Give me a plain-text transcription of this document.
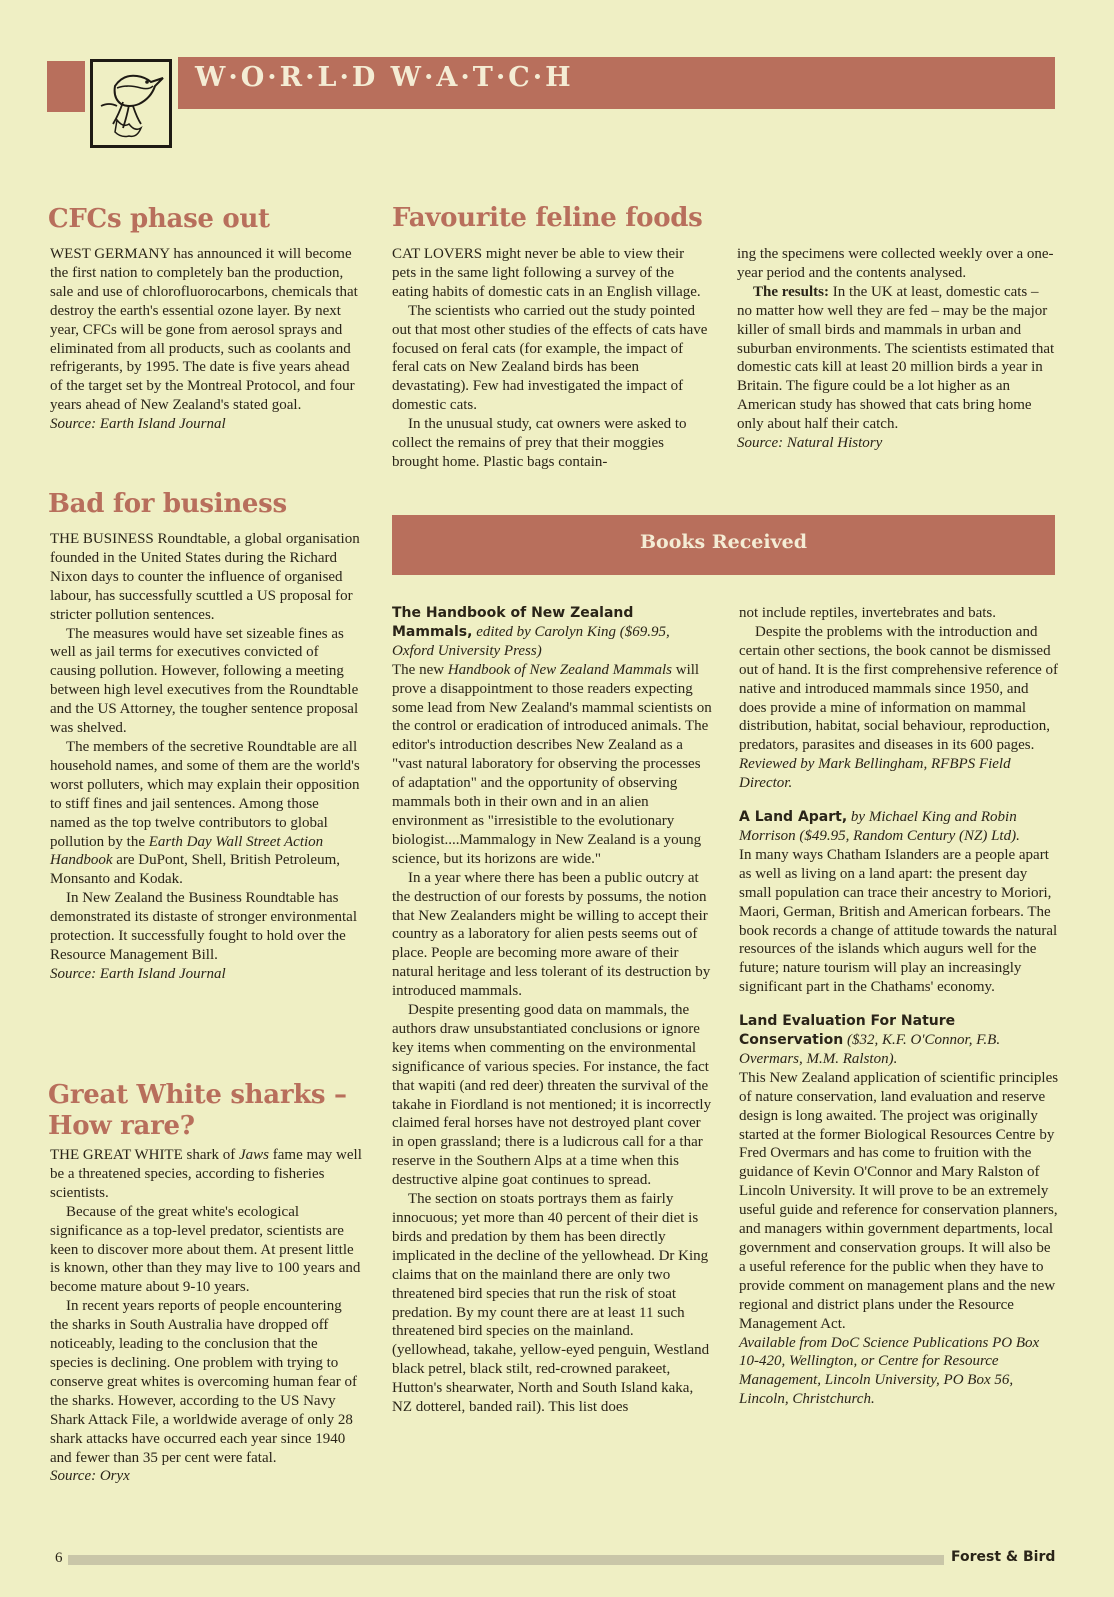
W·O·R·L·D W·A·T·C·H
CFCs phase out

WEST GERMANY has announced it will become the first nation to completely ban the production, sale and use of chlorofluorocarbons, chemicals that destroy the earth's essential ozone layer. By next year, CFCs will be gone from aerosol sprays and eliminated from all products, such as coolants and refrigerants, by 1995. The date is five years ahead of the target set by the Montreal Protocol, and four years ahead of New Zealand's stated goal.

Source: Earth Island Journal

Bad for business

THE BUSINESS Roundtable, a global organisation founded in the United States during the Richard Nixon days to counter the influence of organised labour, has successfully scuttled a US proposal for stricter pollution sentences.

The measures would have set sizeable fines as well as jail terms for executives convicted of causing pollution. However, following a meeting between high level executives from the Roundtable and the US Attorney, the tougher sentence proposal was shelved.

The members of the secretive Roundtable are all household names, and some of them are the world's worst polluters, which may explain their opposition to stiff fines and jail sentences. Among those named as the top twelve contributors to global pollution by the Earth Day Wall Street Action Handbook are DuPont, Shell, British Petroleum, Monsanto and Kodak.

In New Zealand the Business Roundtable has demonstrated its distaste of stronger environmental protection. It successfully fought to hold over the Resource Management Bill.

Source: Earth Island Journal

Great White sharks –
How rare?

THE GREAT WHITE shark of Jaws fame may well be a threatened species, according to fisheries scientists.

Because of the great white's ecological significance as a top-level predator, scientists are keen to discover more about them. At present little is known, other than they may live to 100 years and become mature about 9-10 years.

In recent years reports of people encountering the sharks in South Australia have dropped off noticeably, leading to the conclusion that the species is declining. One problem with trying to conserve great whites is overcoming human fear of the sharks. However, according to the US Navy Shark Attack File, a worldwide average of only 28 shark attacks have occurred each year since 1940 and fewer than 35 per cent were fatal.

Source: Oryx

Favourite feline foods

CAT LOVERS might never be able to view their pets in the same light following a survey of the eating habits of domestic cats in an English village.

The scientists who carried out the study pointed out that most other studies of the effects of cats have focused on feral cats (for example, the impact of feral cats on New Zealand birds has been devastating). Few had investigated the impact of domestic cats.

In the unusual study, cat owners were asked to collect the remains of prey that their moggies brought home. Plastic bags contain-

ing the specimens were collected weekly over a one-year period and the contents analysed.

The results: In the UK at least, domestic cats – no matter how well they are fed – may be the major killer of small birds and mammals in urban and suburban environments. The scientists estimated that domestic cats kill at least 20 million birds a year in Britain. The figure could be a lot higher as an American study has showed that cats bring home only about half their catch.

Source: Natural History

Books Received

The Handbook of New Zealand Mammals, edited by Carolyn King ($69.95, Oxford University Press)

The new Handbook of New Zealand Mammals will prove a disappointment to those readers expecting some lead from New Zealand's mammal scientists on the control or eradication of introduced animals. The editor's introduction describes New Zealand as a "vast natural laboratory for observing the processes of adaptation" and the opportunity of observing mammals both in their own and in an alien environment as "irresistible to the evolutionary biologist....Mammalogy in New Zealand is a young science, but its horizons are wide."

In a year where there has been a public outcry at the destruction of our forests by possums, the notion that New Zealanders might be willing to accept their country as a laboratory for alien pests seems out of place. People are becoming more aware of their natural heritage and less tolerant of its destruction by introduced mammals.

Despite presenting good data on mammals, the authors draw unsubstantiated conclusions or ignore key items when commenting on the environmental significance of various species. For instance, the fact that wapiti (and red deer) threaten the survival of the takahe in Fiordland is not mentioned; it is incorrectly claimed feral horses have not destroyed plant cover in open grassland; there is a ludicrous call for a thar reserve in the Southern Alps at a time when this destructive alpine goat continues to spread.

The section on stoats portrays them as fairly innocuous; yet more than 40 percent of their diet is birds and predation by them has been directly implicated in the decline of the yellowhead. Dr King claims that on the mainland there are only two threatened bird species that run the risk of stoat predation. By my count there are at least 11 such threatened bird species on the mainland. (yellowhead, takahe, yellow-eyed penguin, Westland black petrel, black stilt, red-crowned parakeet, Hutton's shearwater, North and South Island kaka, NZ dotterel, banded rail). This list does

not include reptiles, invertebrates and bats.

Despite the problems with the introduction and certain other sections, the book cannot be dismissed out of hand. It is the first comprehensive reference of native and introduced mammals since 1950, and does provide a mine of information on mammal distribution, habitat, social behaviour, reproduction, predators, parasites and diseases in its 600 pages.

Reviewed by Mark Bellingham, RFBPS Field Director.

A Land Apart, by Michael King and Robin Morrison ($49.95, Random Century (NZ) Ltd).

In many ways Chatham Islanders are a people apart as well as living on a land apart: the present day small population can trace their ancestry to Moriori, Maori, German, British and American forbears. The book records a change of attitude towards the natural resources of the islands which augurs well for the future; nature tourism will play an increasingly significant part in the Chathams' economy.

Land Evaluation For Nature Conservation ($32, K.F. O'Connor, F.B. Overmars, M.M. Ralston).

This New Zealand application of scientific principles of nature conservation, land evaluation and reserve design is long awaited. The project was originally started at the former Biological Resources Centre by Fred Overmars and has come to fruition with the guidance of Kevin O'Connor and Mary Ralston of Lincoln University. It will prove to be an extremely useful guide and reference for conservation planners, and managers within government departments, local government and conservation groups. It will also be a useful reference for the public when they have to provide comment on management plans and the new regional and district plans under the Resource Management Act.

Available from DoC Science Publications PO Box 10-420, Wellington, or Centre for Resource Management, Lincoln University, PO Box 56, Lincoln, Christchurch.

6	Forest & Bird
